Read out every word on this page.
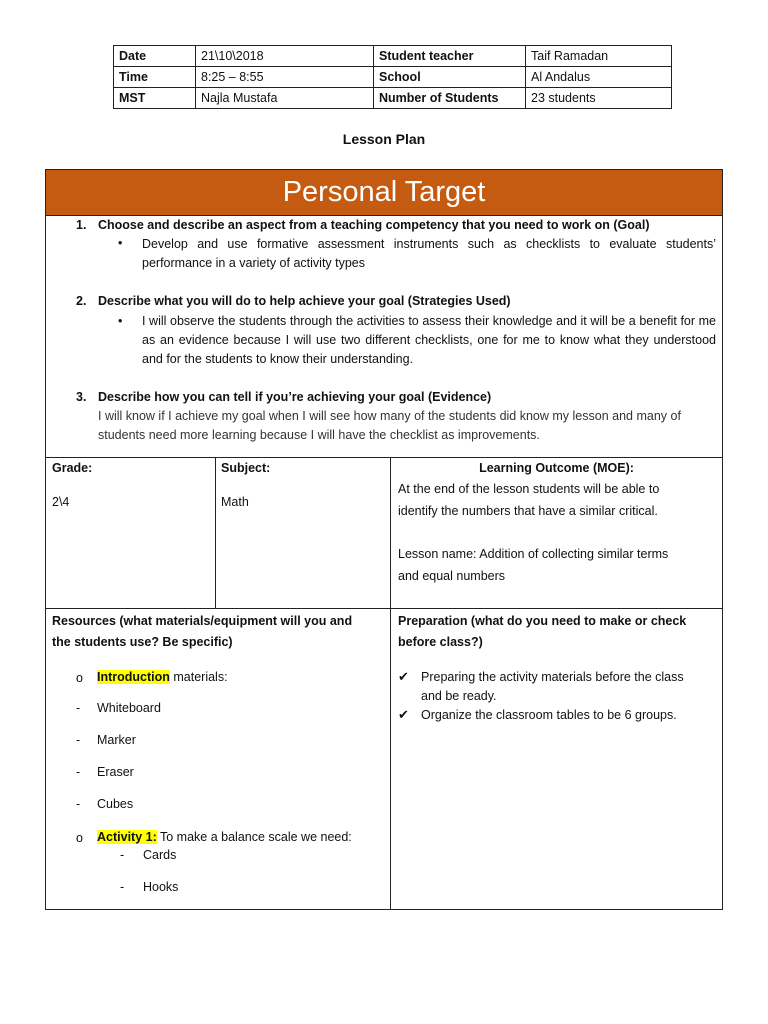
Date	21\10\2018	Student teacher	Taif Ramadan
Time	8:25 – 8:55	School	Al Andalus
MST	Najla Mustafa	Number of Students	23 students
Lesson Plan
Personal Target
1. Choose and describe an aspect from a teaching competency that you need to work on (Goal)
• Develop and use formative assessment instruments such as checklists to evaluate students’ performance in a variety of activity types
2. Describe what you will do to help achieve your goal (Strategies Used)
• I will observe the students through the activities to assess their knowledge and it will be a benefit for me as an evidence because I will use two different checklists, one for me to know what they understood and for the students to know their understanding.
3. Describe how you can tell if you’re achieving your goal (Evidence)
I will know if I achieve my goal when I will see how many of the students did know my lesson and many of students need more learning because I will have the checklist as improvements.
Grade:
2\4
Subject:
Math
Learning Outcome (MOE):
At the end of the lesson students will be able to
identify the numbers that have a similar critical.
Lesson name: Addition of collecting similar terms
and equal numbers
Resources (what materials/equipment will you and
the students use? Be specific)
o Introduction materials:
- Whiteboard
- Marker
- Eraser
- Cubes
o Activity 1: To make a balance scale we need:
- Cards
- Hooks
Preparation (what do you need to make or check
before class?)
✔ Preparing the activity materials before the class
and be ready.
✔ Organize the classroom tables to be 6 groups.
